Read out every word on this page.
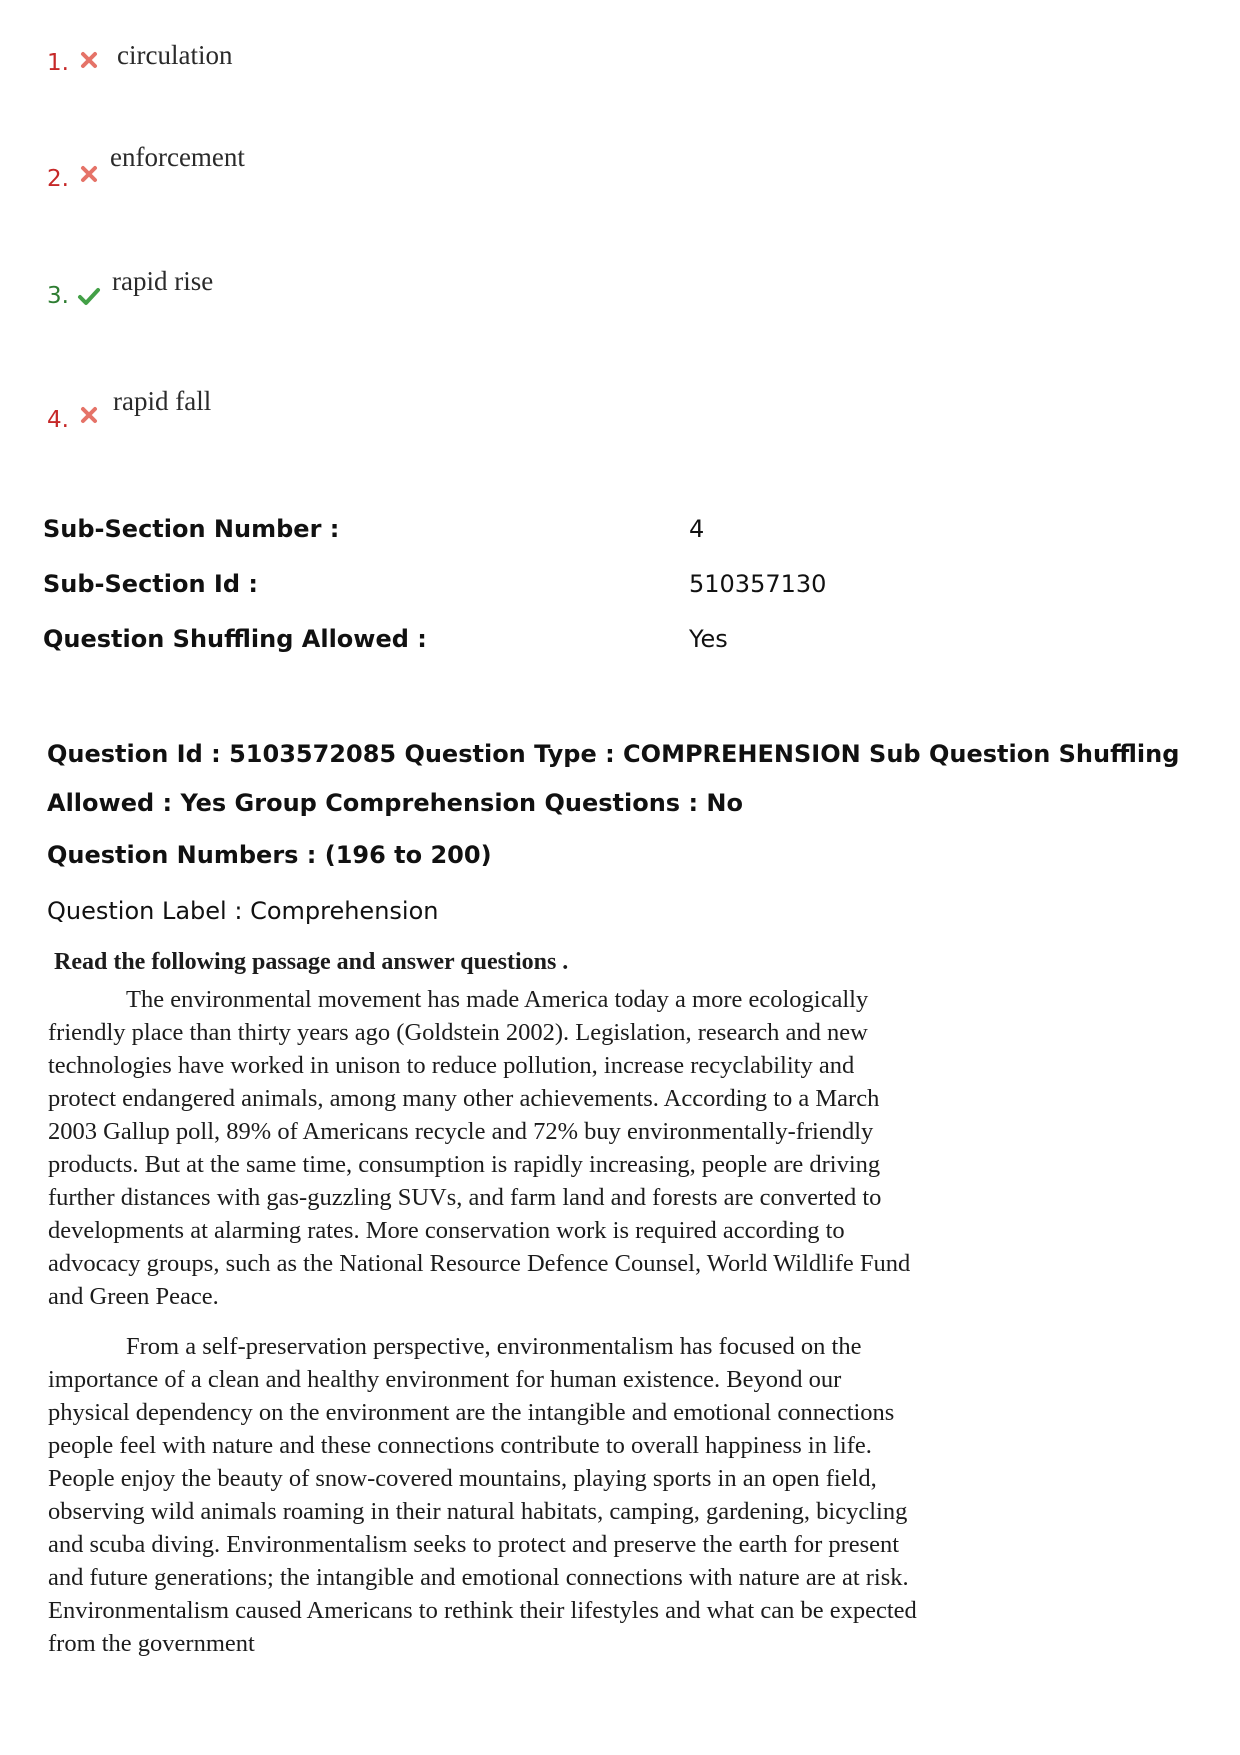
1. circulation
2.
enforcement
3. rapid rise
4.
rapid fall
Sub-Section Number :	4
Sub-Section Id :	510357130
Question Shuffling Allowed :	Yes
Question Id : 5103572085 Question Type : COMPREHENSION Sub Question Shuffling Allowed : Yes Group Comprehension Questions : No
Question Numbers : (196 to 200)
Question Label : Comprehension
Read the following passage and answer questions .

The environmental movement has made America today a more ecologically friendly place than thirty years ago (Goldstein 2002). Legislation, research and new technologies have worked in unison to reduce pollution, increase recyclability and protect endangered animals, among many other achievements. According to a March 2003 Gallup poll, 89% of Americans recycle and 72% buy environmentally-friendly products. But at the same time, consumption is rapidly increasing, people are driving further distances with gas-guzzling SUVs, and farm land and forests are converted to developments at alarming rates. More conservation work is required according to advocacy groups, such as the National Resource Defence Counsel, World Wildlife Fund and Green Peace.

From a self-preservation perspective, environmentalism has focused on the importance of a clean and healthy environment for human existence. Beyond our physical dependency on the environment are the intangible and emotional connections people feel with nature and these connections contribute to overall happiness in life. People enjoy the beauty of snow-covered mountains, playing sports in an open field, observing wild animals roaming in their natural habitats, camping, gardening, bicycling and scuba diving. Environmentalism seeks to protect and preserve the earth for present and future generations; the intangible and emotional connections with nature are at risk. Environmentalism caused Americans to rethink their lifestyles and what can be expected from the government
